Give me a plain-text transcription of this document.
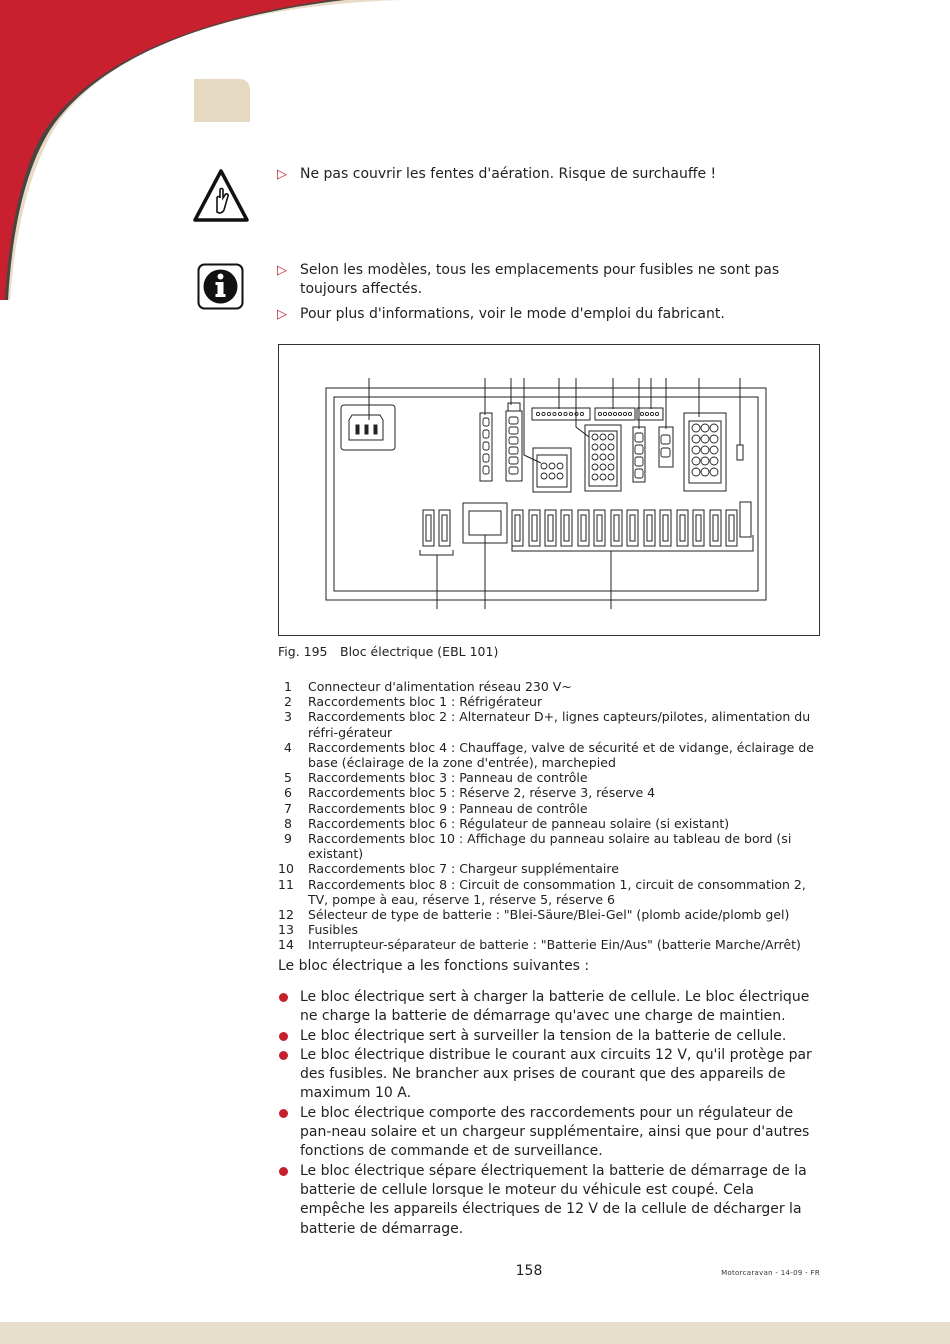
▷ Ne pas couvrir les fentes d'aération. Risque de surchauffe !
▷ Selon les modèles, tous les emplacements pour fusibles ne sont pas toujours affectés.
▷ Pour plus d'informations, voir le mode d'emploi du fabricant.
Fig. 195 Bloc électrique (EBL 101)
1 Connecteur d'alimentation réseau 230 V~
2 Raccordements bloc 1 : Réfrigérateur
3 Raccordements bloc 2 : Alternateur D+, lignes capteurs/pilotes, alimentation du réfri-gérateur
4 Raccordements bloc 4 : Chauffage, valve de sécurité et de vidange, éclairage de base (éclairage de la zone d'entrée), marchepied
5 Raccordements bloc 3 : Panneau de contrôle
6 Raccordements bloc 5 : Réserve 2, réserve 3, réserve 4
7 Raccordements bloc 9 : Panneau de contrôle
8 Raccordements bloc 6 : Régulateur de panneau solaire (si existant)
9 Raccordements bloc 10 : Affichage du panneau solaire au tableau de bord (si existant)
10 Raccordements bloc 7 : Chargeur supplémentaire
11 Raccordements bloc 8 : Circuit de consommation 1, circuit de consommation 2, TV, pompe à eau, réserve 1, réserve 5, réserve 6
12 Sélecteur de type de batterie : "Blei-Säure/Blei-Gel" (plomb acide/plomb gel)
13 Fusibles
14 Interrupteur-séparateur de batterie : "Batterie Ein/Aus" (batterie Marche/Arrêt)
Le bloc électrique a les fonctions suivantes :
Le bloc électrique sert à charger la batterie de cellule. Le bloc électrique ne charge la batterie de démarrage qu'avec une charge de maintien.
Le bloc électrique sert à surveiller la tension de la batterie de cellule.
Le bloc électrique distribue le courant aux circuits 12 V, qu'il protège par des fusibles. Ne brancher aux prises de courant que des appareils de maximum 10 A.
Le bloc électrique comporte des raccordements pour un régulateur de pan-neau solaire et un chargeur supplémentaire, ainsi que pour d'autres fonctions de commande et de surveillance.
Le bloc électrique sépare électriquement la batterie de démarrage de la batterie de cellule lorsque le moteur du véhicule est coupé. Cela empêche les appareils électriques de 12 V de la cellule de décharger la batterie de démarrage.
158	Motorcaravan - 14-09 - FR
